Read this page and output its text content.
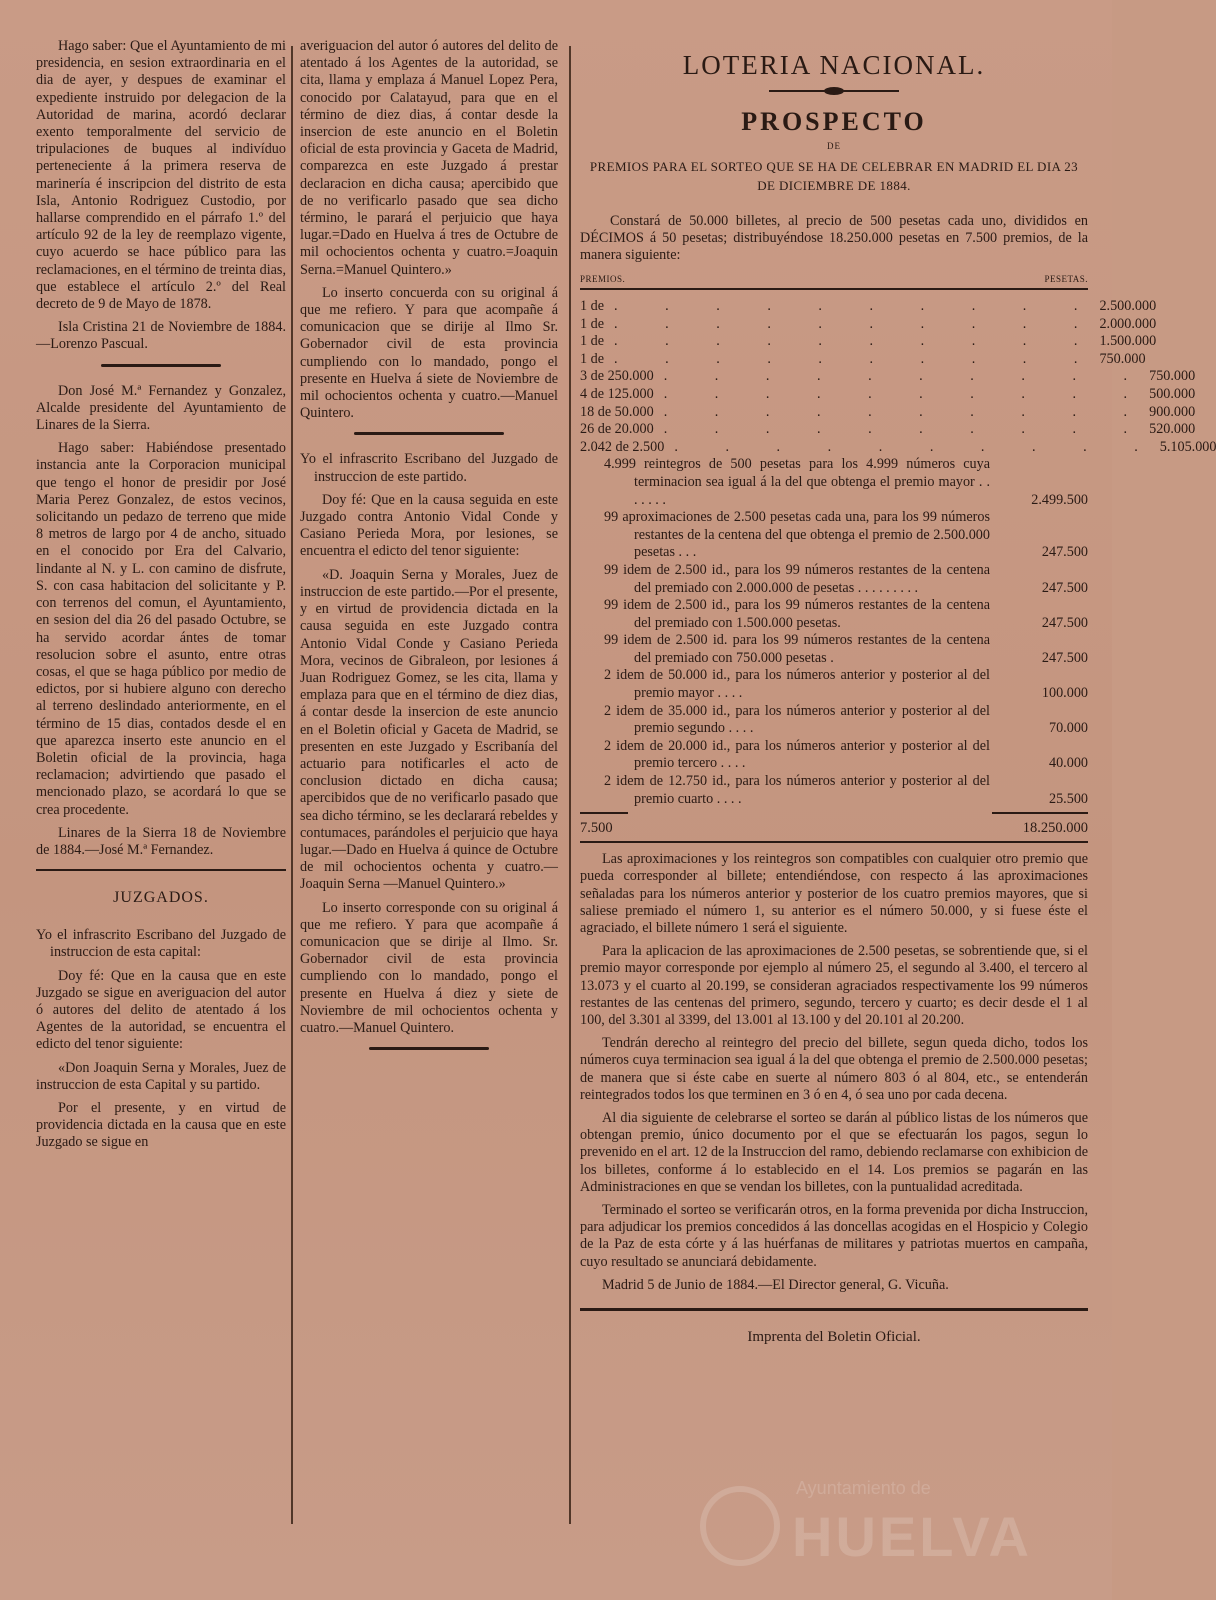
Hago saber: Que el Ayuntamiento de mi presidencia, en sesion extraordinaria en el dia de ayer, y despues de examinar el expediente instruido por delegacion de la Autoridad de marina, acordó declarar exento temporalmente del servicio de tripulaciones de buques al indivíduo perteneciente á la primera reserva de marinería é inscripcion del distrito de esta Isla, Antonio Rodriguez Custodio, por hallarse comprendido en el párrafo 1.º del artículo 92 de la ley de reemplazo vigente, cuyo acuerdo se hace público para las reclamaciones, en el término de treinta dias, que establece el artículo 2.º del Real decreto de 9 de Mayo de 1878.

Isla Cristina 21 de Noviembre de 1884.—Lorenzo Pascual.

Don José M.ª Fernandez y Gonzalez, Alcalde presidente del Ayuntamiento de Linares de la Sierra.

Hago saber: Habiéndose presentado instancia ante la Corporacion municipal que tengo el honor de presidir por José Maria Perez Gonzalez, de estos vecinos, solicitando un pedazo de terreno que mide 8 metros de largo por 4 de ancho, situado en el conocido por Era del Calvario, lindante al N. y L. con camino de disfrute, S. con casa habitacion del solicitante y P. con terrenos del comun, el Ayuntamiento, en sesion del dia 26 del pasado Octubre, se ha servido acordar ántes de tomar resolucion sobre el asunto, entre otras cosas, el que se haga público por medio de edictos, por si hubiere alguno con derecho al terreno deslindado anteriormente, en el término de 15 dias, contados desde el en que aparezca inserto este anuncio en el Boletin oficial de la provincia, haga reclamacion; advirtiendo que pasado el mencionado plazo, se acordará lo que se crea procedente.

Linares de la Sierra 18 de Noviembre de 1884.—José M.ª Fernandez.

JUZGADOS.

Yo el infrascrito Escribano del Juzgado de instruccion de esta capital:

Doy fé: Que en la causa que en este Juzgado se sigue en averiguacion del autor ó autores del delito de atentado á los Agentes de la autoridad, se encuentra el edicto del tenor siguiente:

«Don Joaquin Serna y Morales, Juez de instruccion de esta Capital y su partido.

Por el presente, y en virtud de providencia dictada en la causa que en este Juzgado se sigue en

averiguacion del autor ó autores del delito de atentado á los Agentes de la autoridad, se cita, llama y emplaza á Manuel Lopez Pera, conocido por Calatayud, para que en el término de diez dias, á contar desde la insercion de este anuncio en el Boletin oficial de esta provincia y Gaceta de Madrid, comparezca en este Juzgado á prestar declaracion en dicha causa; apercibido que de no verificarlo pasado que sea dicho término, le parará el perjuicio que haya lugar.=Dado en Huelva á tres de Octubre de mil ochocientos ochenta y cuatro.=Joaquin Serna.=Manuel Quintero.»

Lo inserto concuerda con su original á que me refiero. Y para que acompañe á comunicacion que se dirije al Ilmo Sr. Gobernador civil de esta provincia cumpliendo con lo mandado, pongo el presente en Huelva á siete de Noviembre de mil ochocientos ochenta y cuatro.—Manuel Quintero.

Yo el infrascrito Escribano del Juzgado de instruccion de este partido.

Doy fé: Que en la causa seguida en este Juzgado contra Antonio Vidal Conde y Casiano Perieda Mora, por lesiones, se encuentra el edicto del tenor siguiente:

«D. Joaquin Serna y Morales, Juez de instruccion de este partido.—Por el presente, y en virtud de providencia dictada en la causa seguida en este Juzgado contra Antonio Vidal Conde y Casiano Perieda Mora, vecinos de Gibraleon, por lesiones á Juan Rodriguez Gomez, se les cita, llama y emplaza para que en el término de diez dias, á contar desde la insercion de este anuncio en el Boletin oficial y Gaceta de Madrid, se presenten en este Juzgado y Escribanía del actuario para notificarles el acto de conclusion dictado en dicha causa; apercibidos que de no verificarlo pasado que sea dicho término, se les declarará rebeldes y contumaces, parándoles el perjuicio que haya lugar.—Dado en Huelva á quince de Octubre de mil ochocientos ochenta y cuatro.—Joaquin Serna —Manuel Quintero.»

Lo inserto corresponde con su original á que me refiero. Y para que acompañe á comunicacion que se dirije al Ilmo. Sr. Gobernador civil de esta provincia cumpliendo con lo mandado, pongo el presente en Huelva á diez y siete de Noviembre de mil ochocientos ochenta y cuatro.—Manuel Quintero.

LOTERIA NACIONAL.
PROSPECTO
DE
PREMIOS PARA EL SORTEO QUE SE HA DE CELEBRAR EN MADRID EL DIA 23 DE DICIEMBRE DE 1884.

Constará de 50.000 billetes, al precio de 500 pesetas cada uno, divididos en DÉCIMOS á 50 pesetas; distribuyéndose 18.250.000 pesetas en 7.500 premios, de la manera siguiente:

PREMIOS.	PESETAS.
1 de . . . . . . . . . . 2.500.000
1 de . . . . . . . . . . 2.000.000
1 de . . . . . . . . . . 1.500.000
1 de . . . . . . . . . . 750.000
3 de 250.000 . . . . . . . . . . 750.000
4 de 125.000 . . . . . . . . . . 500.000
18 de 50.000 . . . . . . . . . . 900.000
26 de 20.000 . . . . . . . . . . 520.000
2.042 de 2.500 . . . . . . . . . . 5.105.000
4.999 reintegros de 500 pesetas para los 4.999 números cuya terminacion sea igual á la del que obtenga el premio mayor . . . . . . .	2.499.500
99 aproximaciones de 2.500 pesetas cada una, para los 99 números restantes de la centena del que obtenga el premio de 2.500.000 pesetas . . .	247.500
99 idem de 2.500 id., para los 99 números restantes de la centena del premiado con 2.000.000 de pesetas . . . . . . . . .	247.500
99 idem de 2.500 id., para los 99 números restantes de la centena del premiado con 1.500.000 pesetas.	247.500
99 idem de 2.500 id. para los 99 números restantes de la centena del premiado con 750.000 pesetas .	247.500
2 idem de 50.000 id., para los números anterior y posterior al del premio mayor . . . .	100.000
2 idem de 35.000 id., para los números anterior y posterior al del premio segundo . . . .	70.000
2 idem de 20.000 id., para los números anterior y posterior al del premio tercero . . . .	40.000
2 idem de 12.750 id., para los números anterior y posterior al del premio cuarto . . . .	25.500
7.500	18.250.000

Las aproximaciones y los reintegros son compatibles con cualquier otro premio que pueda corresponder al billete; entendiéndose, con respecto á las aproximaciones señaladas para los números anterior y posterior de los cuatro premios mayores, que si saliese premiado el número 1, su anterior es el número 50.000, y si fuese éste el agraciado, el billete número 1 será el siguiente.

Para la aplicacion de las aproximaciones de 2.500 pesetas, se sobrentiende que, si el premio mayor corresponde por ejemplo al número 25, el segundo al 3.400, el tercero al 13.073 y el cuarto al 20.199, se consideran agraciados respectivamente los 99 números restantes de las centenas del primero, segundo, tercero y cuarto; es decir desde el 1 al 100, del 3.301 al 3399, del 13.001 al 13.100 y del 20.101 al 20.200.

Tendrán derecho al reintegro del precio del billete, segun queda dicho, todos los números cuya terminacion sea igual á la del que obtenga el premio de 2.500.000 pesetas; de manera que si éste cabe en suerte al número 803 ó al 804, etc., se entenderán reintegrados todos los que terminen en 3 ó en 4, ó sea uno por cada decena.

Al dia siguiente de celebrarse el sorteo se darán al público listas de los números que obtengan premio, único documento por el que se efectuarán los pagos, segun lo prevenido en el art. 12 de la Instruccion del ramo, debiendo reclamarse con exhibicion de los billetes, conforme á lo establecido en el 14. Los premios se pagarán en las Administraciones en que se vendan los billetes, con la puntualidad acreditada.

Terminado el sorteo se verificarán otros, en la forma prevenida por dicha Instruccion, para adjudicar los premios concedidos á las doncellas acogidas en el Hospicio y Colegio de la Paz de esta córte y á las huérfanas de militares y patriotas muertos en campaña, cuyo resultado se anunciará debidamente.

Madrid 5 de Junio de 1884.—El Director general, G. Vicuña.

Imprenta del Boletin Oficial.
Ayuntamiento de
HUELVA
